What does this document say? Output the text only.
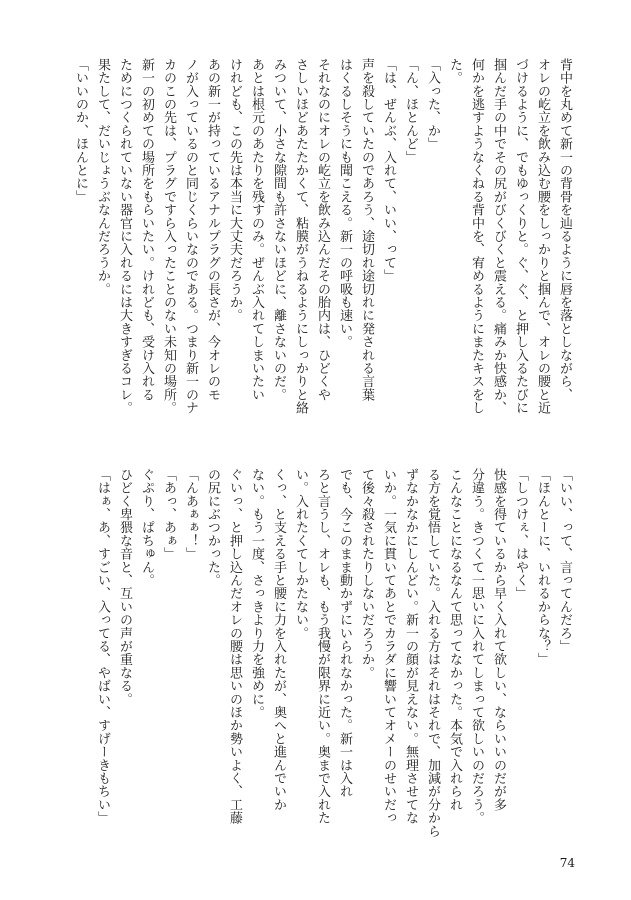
背中を丸めて新一の背骨を辿るように唇を落としながら、

オレの屹立を飲み込む腰をしっかりと掴んで、オレの腰と近

づけるように、でもゆっくりと。ぐ、ぐ、と押し入るたびに

掴んだ手の中でその尻がびくびくと震える。痛みか快感か、

何かを逃すようなくねる背中を、宥めるようにまたキスをし

た。

「入った、か」

「ん、ほとんど」

「は、ぜんぶ、入れて、いい、って」

声を殺していたのであろう、途切れ途切れに発される言葉

はくるしそうにも聞こえる。新一の呼吸も速い。

それなのにオレの屹立を飲み込んだその胎内は、ひどくや

さしいほどあたたかくて、粘膜がうねるようにしっかりと絡

みついて、小さな隙間も許さないほどに、離さないのだ。

あとは根元のあたりを残すのみ。ぜんぶ入れてしまいたい

けれども、この先は本当に大丈夫だろうか。

あの新一が持っているアナルプラグの長さが、今オレのモ

ノが入っているのと同じくらいなのである。つまり新一のナ

カのこの先は、プラグですら入ったことのない未知の場所。

新一の初めての場所をもらいたい。けれども、受け入れる

ためにつくられていない器官に入れるには大きすぎるコレ。

果たして、だいじょうぶなんだろうか。

「いいのか、ほんとに」

「いい、って、言ってんだろ」

「ほんとーに、いれるからな？」

「しつけぇ、はやく」

快感を得ているから早く入れて欲しい、ならいいのだが多

分違う。きつくて一思いに入れてしまって欲しいのだろう。

こんなことになるなんて思ってなかった。本気で入れられ

る方を覚悟していた。入れる方はそれはそれで、加減が分から

ずなかなかにしんどい。新一の顔が見えない。無理させてな

いか。一気に貫いてあとでカラダに響いてオメーのせいだっ

て後々殺されたりしないだろうか。

でも、今このまま動かずにいられなかった。新一は入れ

ろと言うし、オレも、もう我慢が限界に近い。奥まで入れた

い。入れたくてしかたない。

くっ、と支える手と腰に力を入れたが、奥へと進んでいか

ない。もう一度、さっきより力を強めに。

ぐいっ、と押し込んだオレの腰は思いのほか勢いよく、工藤

の尻にぶつかった。

「んあぁぁ！」

「あっ、あぁ」

ぐぷり、ぱちゅん。

ひどく卑猥な音と、互いの声が重なる。

「はぁ、あ、すごい、入ってる、やばい、すげーきもちい」

74
